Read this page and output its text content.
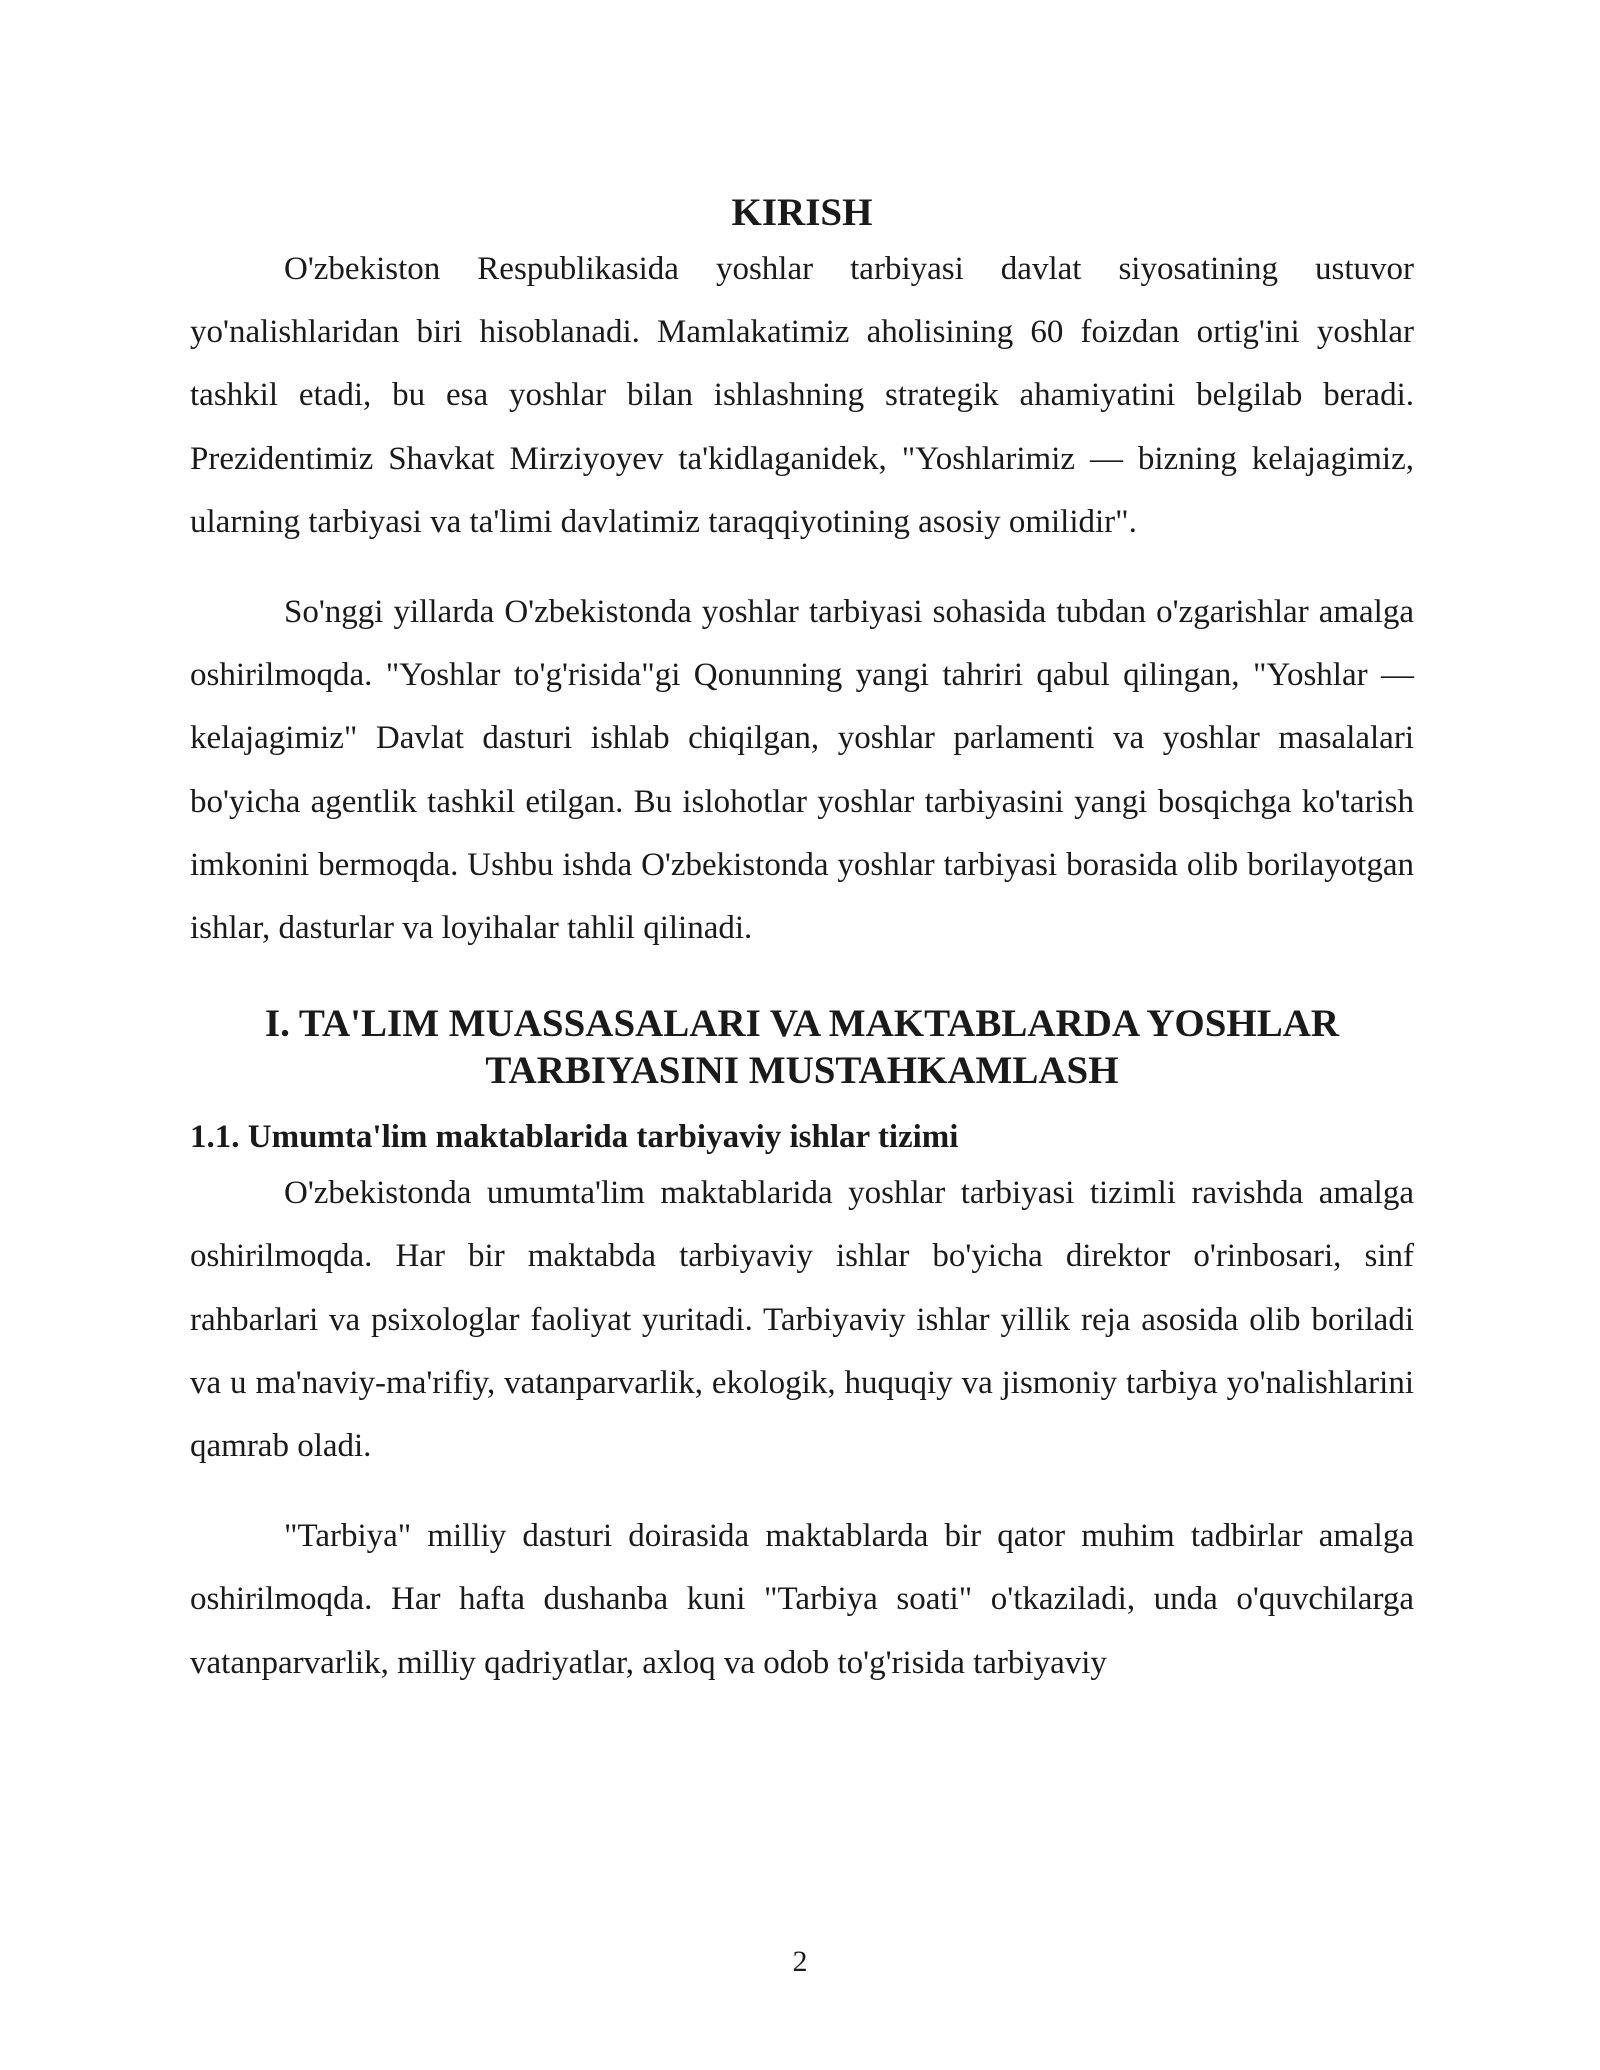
KIRISH

O'zbekiston Respublikasida yoshlar tarbiyasi davlat siyosatining ustuvor yo'nalishlaridan biri hisoblanadi. Mamlakatimiz aholisining 60 foizdan ortig'ini yoshlar tashkil etadi, bu esa yoshlar bilan ishlashning strategik ahamiyatini belgilab beradi. Prezidentimiz Shavkat Mirziyoyev ta'kidlaganidek, "Yoshlarimiz — bizning kelajagimiz, ularning tarbiyasi va ta'limi davlatimiz taraqqiyotining asosiy omilidir".

So'nggi yillarda O'zbekistonda yoshlar tarbiyasi sohasida tubdan o'zgarishlar amalga oshirilmoqda. "Yoshlar to'g'risida"gi Qonunning yangi tahriri qabul qilingan, "Yoshlar — kelajagimiz" Davlat dasturi ishlab chiqilgan, yoshlar parlamenti va yoshlar masalalari bo'yicha agentlik tashkil etilgan. Bu islohotlar yoshlar tarbiyasini yangi bosqichga ko'tarish imkonini bermoqda. Ushbu ishda O'zbekistonda yoshlar tarbiyasi borasida olib borilayotgan ishlar, dasturlar va loyihalar tahlil qilinadi.

I. TA'LIM MUASSASALARI VA MAKTABLARDA YOSHLAR TARBIYASINI MUSTAHKAMLASH
1.1. Umumta'lim maktablarida tarbiyaviy ishlar tizimi

O'zbekistonda umumta'lim maktablarida yoshlar tarbiyasi tizimli ravishda amalga oshirilmoqda. Har bir maktabda tarbiyaviy ishlar bo'yicha direktor o'rinbosari, sinf rahbarlari va psixologlar faoliyat yuritadi. Tarbiyaviy ishlar yillik reja asosida olib boriladi va u ma'naviy-ma'rifiy, vatanparvarlik, ekologik, huquqiy va jismoniy tarbiya yo'nalishlarini qamrab oladi.

"Tarbiya" milliy dasturi doirasida maktablarda bir qator muhim tadbirlar amalga oshirilmoqda. Har hafta dushanba kuni "Tarbiya soati" o'tkaziladi, unda o'quvchilarga vatanparvarlik, milliy qadriyatlar, axloq va odob to'g'risida tarbiyaviy

2
